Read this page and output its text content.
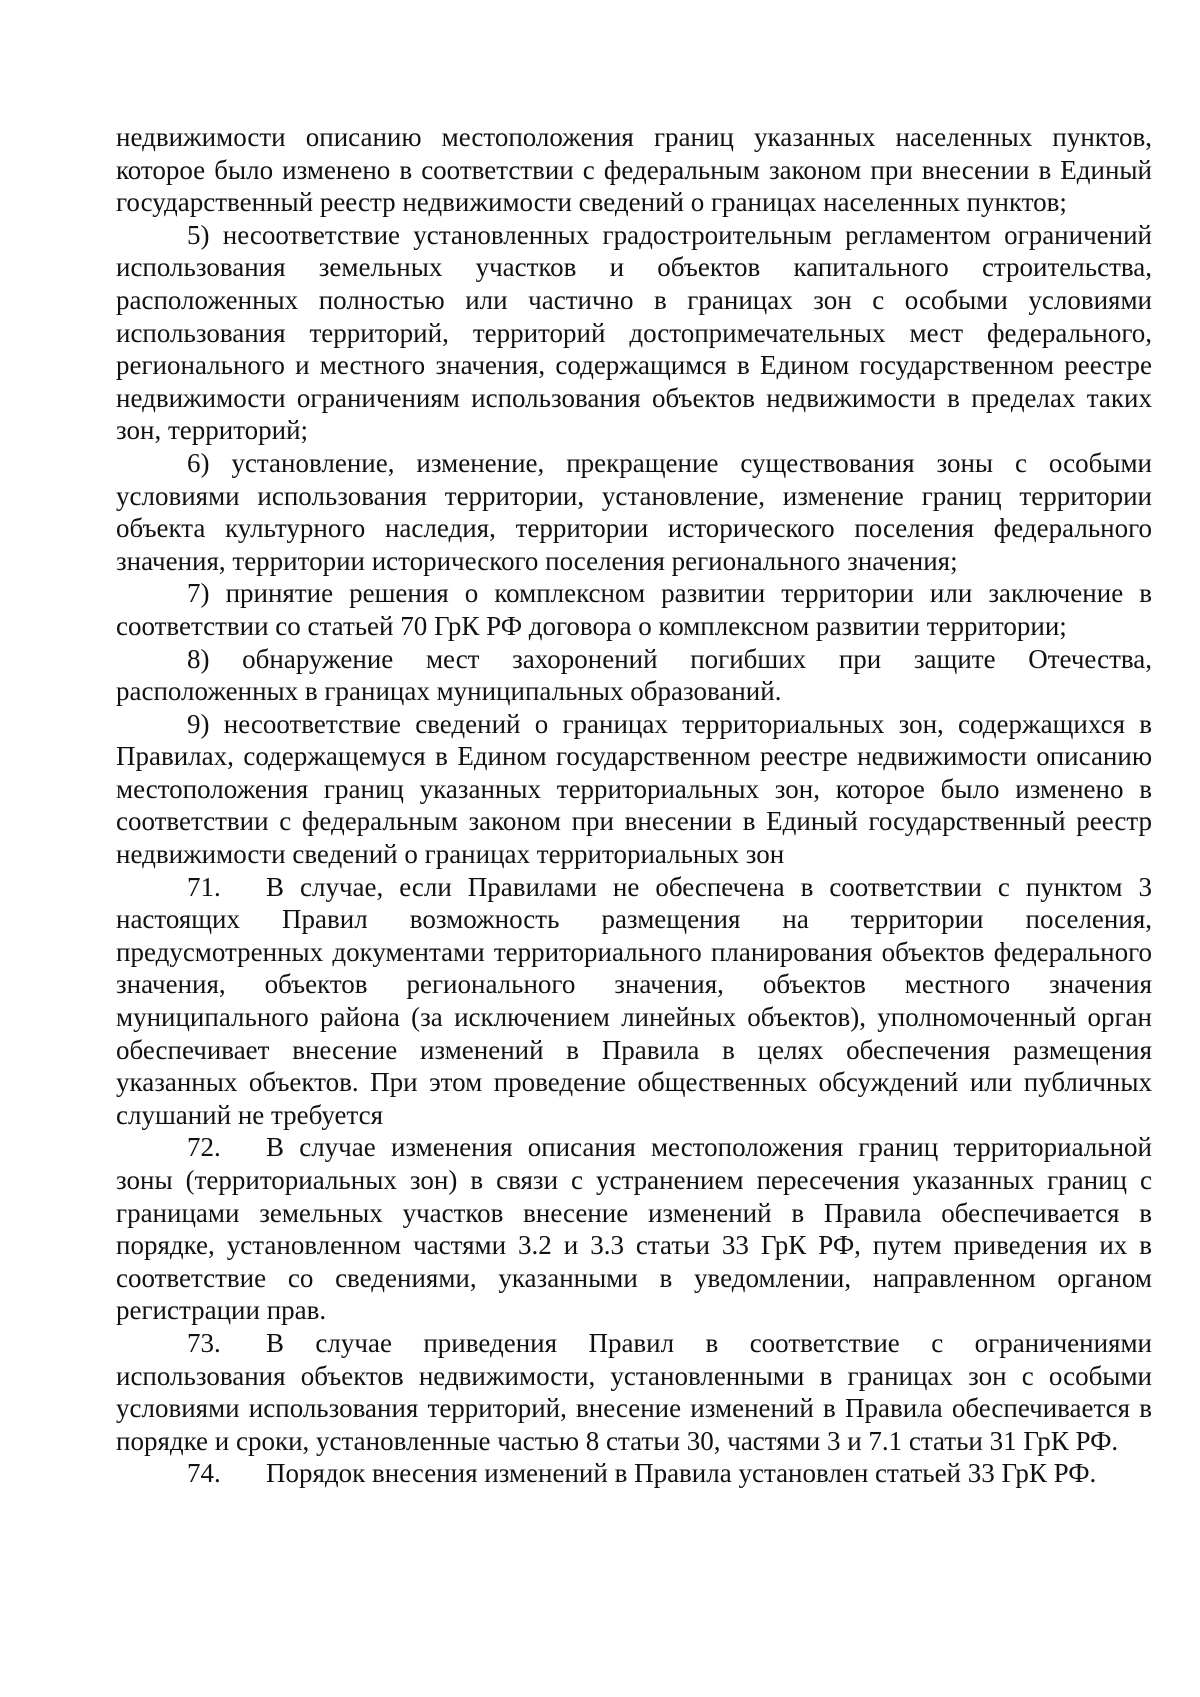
недвижимости описанию местоположения границ указанных населенных пунктов, которое было изменено в соответствии с федеральным законом при внесении в Единый государственный реестр недвижимости сведений о границах населенных пунктов;

5) несоответствие установленных градостроительным регламентом ограничений использования земельных участков и объектов капитального строительства, расположенных полностью или частично в границах зон с особыми условиями использования территорий, территорий достопримечательных мест федерального, регионального и местного значения, содержащимся в Едином государственном реестре недвижимости ограничениям использования объектов недвижимости в пределах таких зон, территорий;

6) установление, изменение, прекращение существования зоны с особыми условиями использования территории, установление, изменение границ территории объекта культурного наследия, территории исторического поселения федерального значения, территории исторического поселения регионального значения;

7) принятие решения о комплексном развитии территории или заключение в соответствии со статьей 70 ГрК РФ договора о комплексном развитии территории;

8) обнаружение мест захоронений погибших при защите Отечества, расположенных в границах муниципальных образований.

9) несоответствие сведений о границах территориальных зон, содержащихся в Правилах, содержащемуся в Едином государственном реестре недвижимости описанию местоположения границ указанных территориальных зон, которое было изменено в соответствии с федеральным законом при внесении в Единый государственный реестр недвижимости сведений о границах территориальных зон

71. В случае, если Правилами не обеспечена в соответствии с пунктом 3 настоящих Правил возможность размещения на территории поселения, предусмотренных документами территориального планирования объектов федерального значения, объектов регионального значения, объектов местного значения муниципального района (за исключением линейных объектов), уполномоченный орган обеспечивает внесение изменений в Правила в целях обеспечения размещения указанных объектов. При этом проведение общественных обсуждений или публичных слушаний не требуется

72. В случае изменения описания местоположения границ территориальной зоны (территориальных зон) в связи с устранением пересечения указанных границ с границами земельных участков внесение изменений в Правила обеспечивается в порядке, установленном частями 3.2 и 3.3 статьи 33 ГрК РФ, путем приведения их в соответствие со сведениями, указанными в уведомлении, направленном органом регистрации прав.

73. В случае приведения Правил в соответствие с ограничениями использования объектов недвижимости, установленными в границах зон с особыми условиями использования территорий, внесение изменений в Правила обеспечивается в порядке и сроки, установленные частью 8 статьи 30, частями 3 и 7.1 статьи 31 ГрК РФ.

74. Порядок внесения изменений в Правила установлен статьей 33 ГрК РФ.
